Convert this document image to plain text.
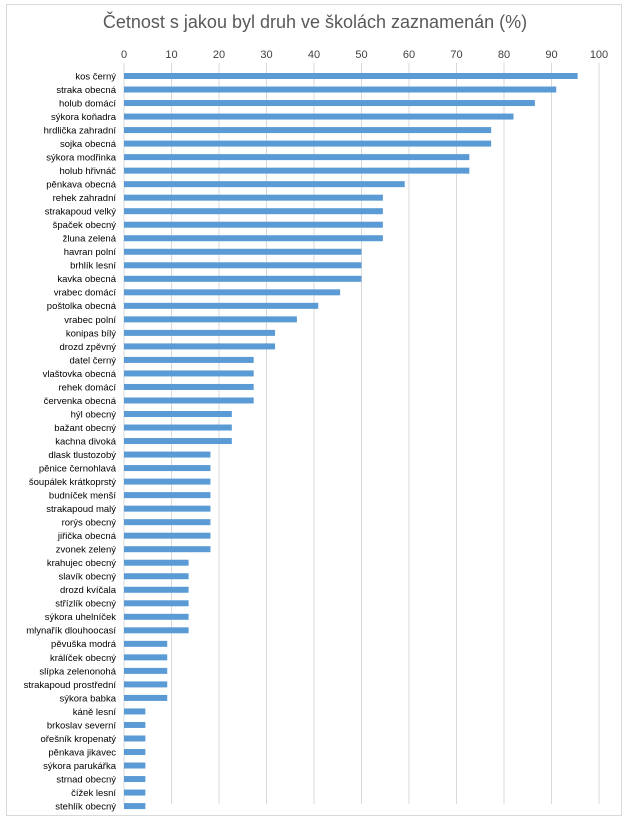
Četnost s jakou byl druh ve školách zaznamenán (%)
0	10	20	30	40	50	60	70	80	90	100
kos černý
straka obecná
holub domácí
sýkora koňadra
hrdlička zahradní
sojka obecná
sýkora modřinka
holub hřivnáč
pěnkava obecná
rehek zahradní
strakapoud velký
špaček obecný
žluna zelená
havran polní
brhlík lesní
kavka obecná
vrabec domácí
poštolka obecná
vrabec polní
konipas bílý
drozd zpěvný
datel černý
vlaštovka obecná
rehek domácí
červenka obecná
hýl obecný
bažant obecný
kachna divoká
dlask tlustozobý
pěnice černohlavá
šoupálek krátkoprstý
budníček menší
strakapoud malý
rorýs obecný
jiřička obecná
zvonek zelený
krahujec obecný
slavík obecný
drozd kvíčala
střízlík obecný
sýkora uhelníček
mlynařík dlouhoocasí
pěvuška modrá
králíček obecný
slípka zelenonohá
strakapoud prostřední
sýkora babka
káně lesní
brkoslav severní
ořešník kropenatý
pěnkava jikavec
sýkora parukářka
strnad obecný
čížek lesní
stehlík obecný
